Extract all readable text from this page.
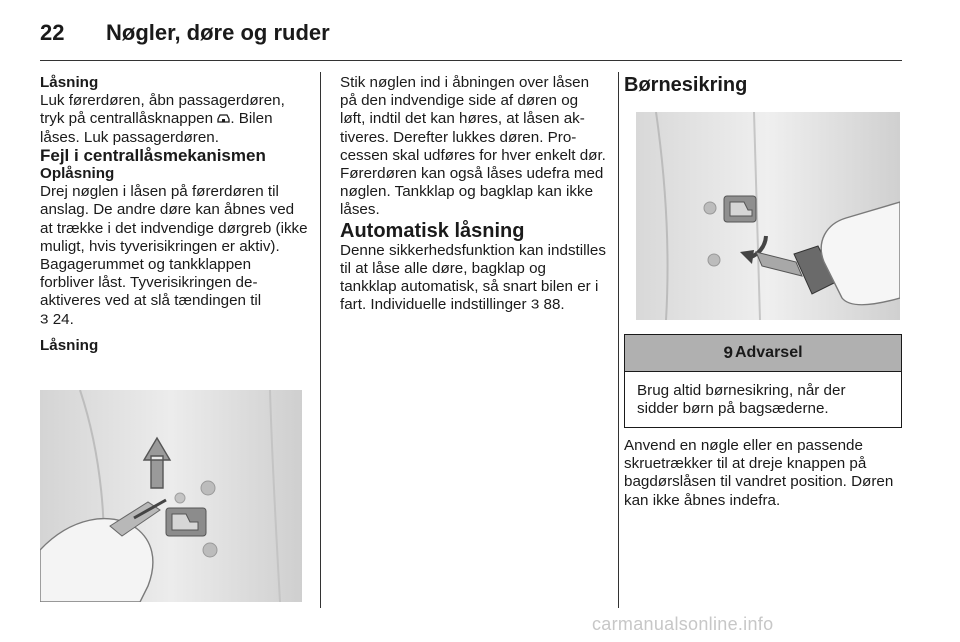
22 Nøgler, døre og ruder

Låsning

Luk førerdøren, åbn passagerdøren, tryk på centrallåsknappen . Bilen låses. Luk passagerdøren.

Fejl i centrallåsmekanismen

Oplåsning

Drej nøglen i låsen på førerdøren til anslag. De andre døre kan åbnes ved at trække i det indvendige dørgreb (ikke muligt, hvis tyverisikringen er aktiv). Bagagerummet og tankklappen forbliver låst. Tyverisikringen deaktiveres ved at slå tændingen til
3 24.

Låsning

Stik nøglen ind i åbningen over låsen på den indvendige side af døren og løft, indtil det kan høres, at låsen aktiveres. Derefter lukkes døren. Processen skal udføres for hver enkelt dør. Førerdøren kan også låses udefra med nøglen. Tankklap og bagklap kan ikke låses.

Automatisk låsning

Denne sikkerhedsfunktion kan indstilles til at låse alle døre, bagklap og tankklap automatisk, så snart bilen er i fart. Individuelle indstillinger 3 88.

Børnesikring

9 Advarsel
Brug altid børnesikring, når der sidder børn på bagsæderne.
Anvend en nøgle eller en passende skruetrækker til at dreje knappen på bagdørslåsen til vandret position. Døren kan ikke åbnes indefra.
carmanualsonline.info
